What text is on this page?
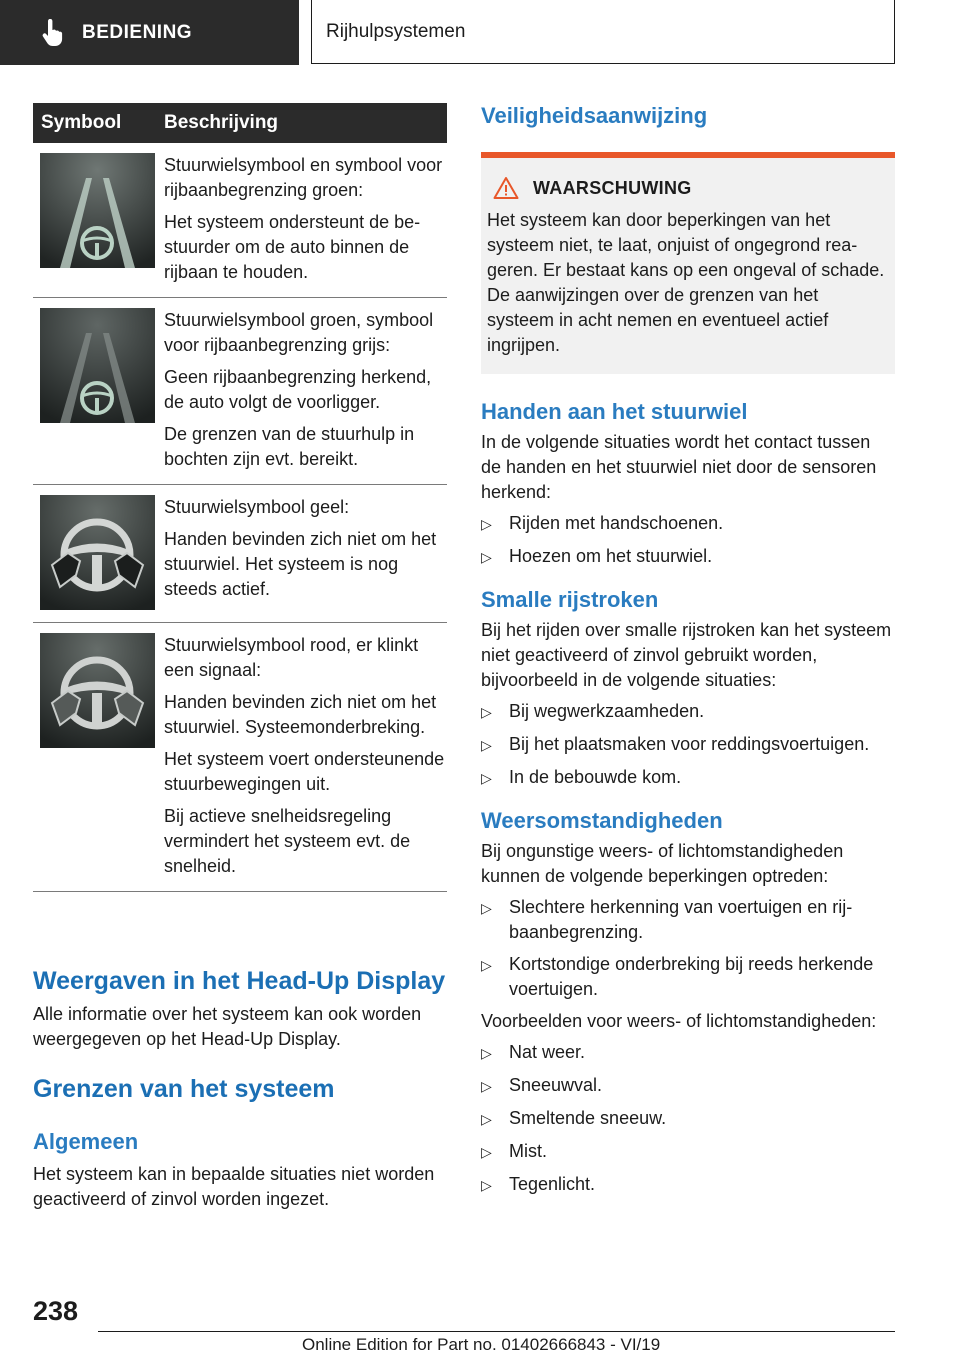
BEDIENING	Rijhulpsystemen
Symbool	Beschrijving

Stuurwielsymbool en symbool voor rijbaanbegrenzing groen:

Het systeem ondersteunt de bestuurder om de auto binnen de rijbaan te houden.

Stuurwielsymbool groen, symbool voor rijbaanbegrenzing grijs:

Geen rijbaanbegrenzing herkend, de auto volgt de voorligger.

De grenzen van de stuurhulp in bochten zijn evt. bereikt.

Stuurwielsymbool geel:

Handen bevinden zich niet om het stuurwiel. Het systeem is nog steeds actief.

Stuurwielsymbool rood, er klinkt een signaal:

Handen bevinden zich niet om het stuurwiel. Systeemonderbreking.

Het systeem voert ondersteunende stuurbewegingen uit.

Bij actieve snelheidsregeling vermindert het systeem evt. de snelheid.

Weergaven in het Head-Up Display

Alle informatie over het systeem kan ook worden weergegeven op het Head-Up Display.

Grenzen van het systeem
Algemeen

Het systeem kan in bepaalde situaties niet worden geactiveerd of zinvol worden ingezet.

Veiligheidsaanwijzing
WAARSCHUWING

Het systeem kan door beperkingen van het systeem niet, te laat, onjuist of ongegrond reageren. Er bestaat kans op een ongeval of schade. De aanwijzingen over de grenzen van het systeem in acht nemen en eventueel actief ingrijpen.

Handen aan het stuurwiel

In de volgende situaties wordt het contact tussen de handen en het stuurwiel niet door de sensoren herkend:

▷ Rijden met handschoenen.
▷ Hoezen om het stuurwiel.
Smalle rijstroken

Bij het rijden over smalle rijstroken kan het systeem niet geactiveerd of zinvol gebruikt worden, bijvoorbeeld in de volgende situaties:

▷ Bij wegwerkzaamheden.
▷ Bij het plaatsmaken voor reddingsvoertuigen.
▷ In de bebouwde kom.
Weersomstandigheden

Bij ongunstige weers- of lichtomstandigheden kunnen de volgende beperkingen optreden:

▷ Slechtere herkenning van voertuigen en rijbaanbegrenzing.
▷ Kortstondige onderbreking bij reeds herkende voertuigen.

Voorbeelden voor weers- of lichtomstandigheden:

▷ Nat weer.
▷ Sneeuwval.
▷ Smeltende sneeuw.
▷ Mist.
▷ Tegenlicht.
238
Online Edition for Part no. 01402666843 - VI/19
